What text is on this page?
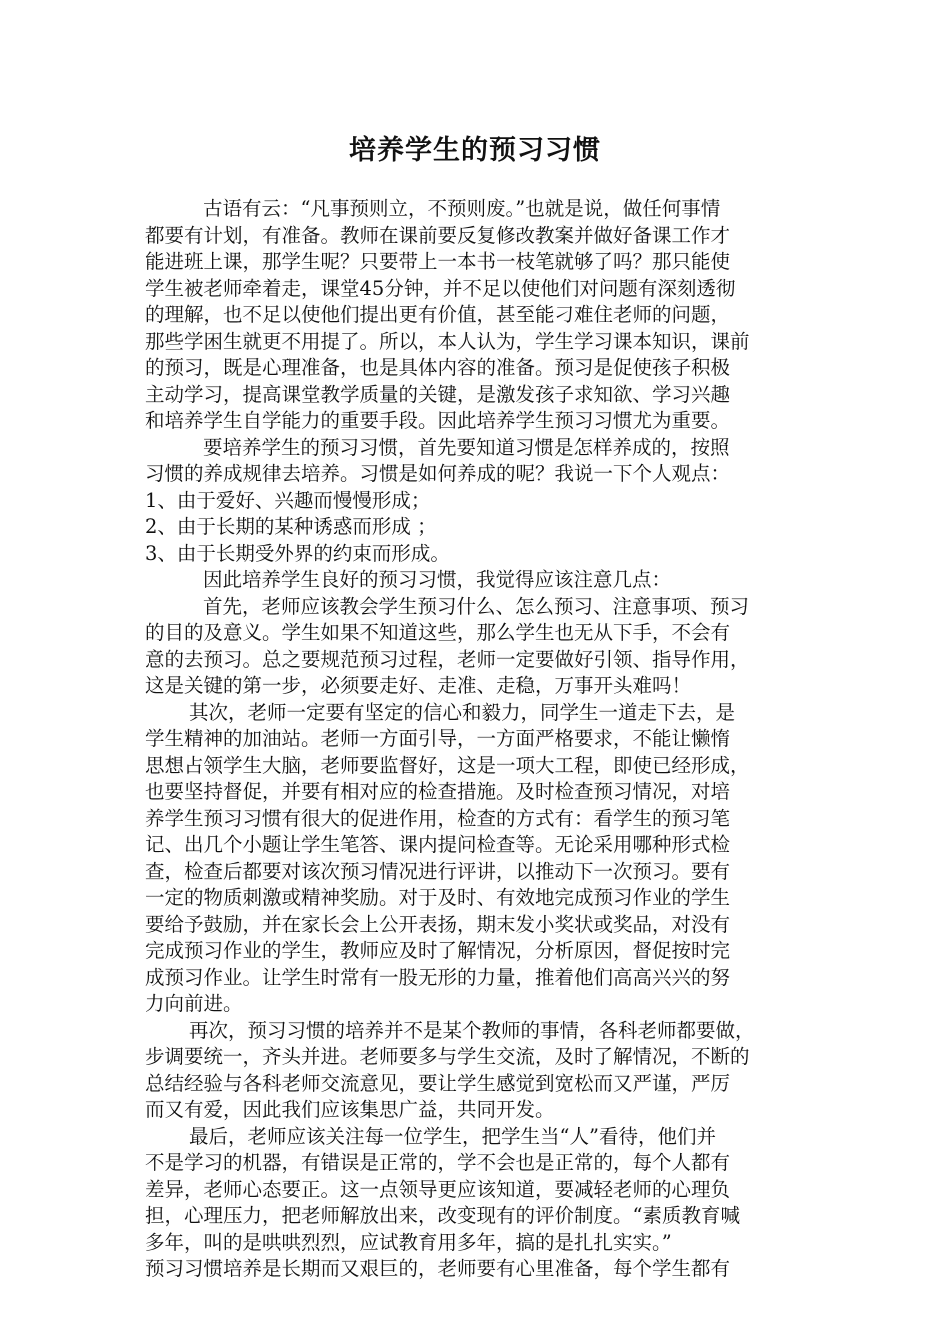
培养学生的预习习惯
古语有云：“凡事预则立，不预则废。”也就是说，做任何事情
都要有计划，有准备。教师在课前要反复修改教案并做好备课工作才
能进班上课，那学生呢？只要带上一本书一枝笔就够了吗？那只能使
学生被老师牵着走，课堂45分钟，并不足以使他们对问题有深刻透彻
的理解，也不足以使他们提出更有价值，甚至能刁难住老师的问题，
那些学困生就更不用提了。所以，本人认为，学生学习课本知识，课前
的预习，既是心理准备，也是具体内容的准备。预习是促使孩子积极
主动学习，提高课堂教学质量的关键，是激发孩子求知欲、学习兴趣
和培养学生自学能力的重要手段。因此培养学生预习习惯尤为重要。
要培养学生的预习习惯，首先要知道习惯是怎样养成的，按照
习惯的养成规律去培养。习惯是如何养成的呢？我说一下个人观点：
1、由于爱好、兴趣而慢慢形成；
2、由于长期的某种诱惑而形成 ；
3、由于长期受外界的约束而形成。
因此培养学生良好的预习习惯，我觉得应该注意几点：
首先，老师应该教会学生预习什么、怎么预习、注意事项、预习
的目的及意义。学生如果不知道这些，那么学生也无从下手，不会有
意的去预习。总之要规范预习过程，老师一定要做好引领、指导作用，
这是关键的第一步，必须要走好、走准、走稳，万事开头难吗！
其次，老师一定要有坚定的信心和毅力，同学生一道走下去，是
学生精神的加油站。老师一方面引导，一方面严格要求，不能让懒惰
思想占领学生大脑，老师要监督好，这是一项大工程，即使已经形成，
也要坚持督促，并要有相对应的检查措施。及时检查预习情况，对培
养学生预习习惯有很大的促进作用，检查的方式有：看学生的预习笔
记、出几个小题让学生笔答、课内提问检查等。无论采用哪种形式检
查，检查后都要对该次预习情况进行评讲，以推动下一次预习。要有
一定的物质刺激或精神奖励。对于及时、有效地完成预习作业的学生
要给予鼓励，并在家长会上公开表扬，期末发小奖状或奖品，对没有
完成预习作业的学生，教师应及时了解情况，分析原因，督促按时完
成预习作业。让学生时常有一股无形的力量，推着他们高高兴兴的努
力向前进。
再次，预习习惯的培养并不是某个教师的事情，各科老师都要做，
步调要统一，齐头并进。老师要多与学生交流，及时了解情况，不断的
总结经验与各科老师交流意见，要让学生感觉到宽松而又严谨，严厉
而又有爱，因此我们应该集思广益，共同开发。
最后，老师应该关注每一位学生，把学生当“人”看待，他们并
不是学习的机器，有错误是正常的，学不会也是正常的，每个人都有
差异，老师心态要正。这一点领导更应该知道，要减轻老师的心理负
担，心理压力，把老师解放出来，改变现有的评价制度。“素质教育喊
多年，叫的是哄哄烈烈，应试教育用多年，搞的是扎扎实实。”
预习习惯培养是长期而又艰巨的，老师要有心里准备，每个学生都有
